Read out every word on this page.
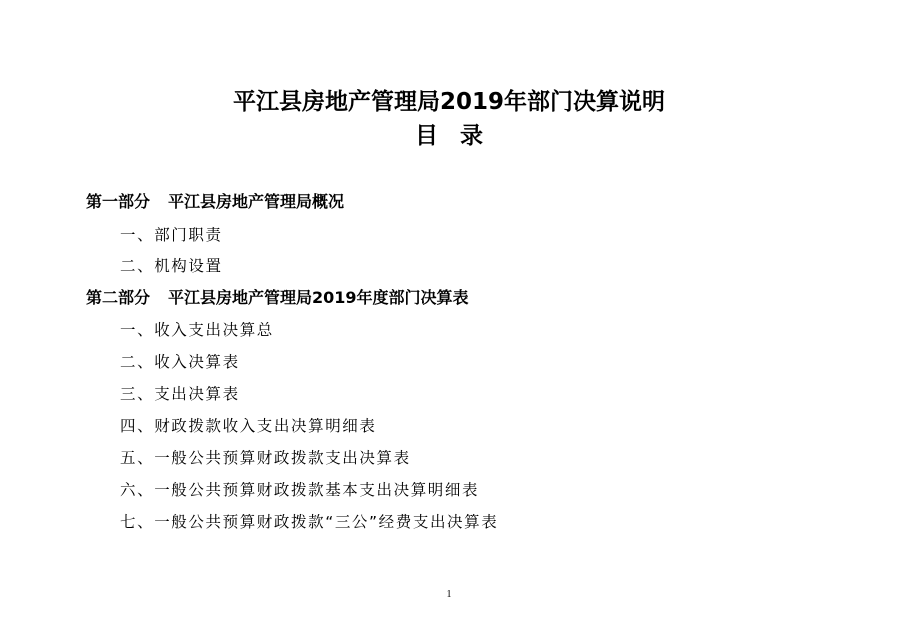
平江县房地产管理局2019年部门决算说明
目 录
第一部分 平江县房地产管理局概况
一、部门职责
二、机构设置
第二部分 平江县房地产管理局2019年度部门决算表
一、收入支出决算总
二、收入决算表
三、支出决算表
四、财政拨款收入支出决算明细表
五、一般公共预算财政拨款支出决算表
六、一般公共预算财政拨款基本支出决算明细表
七、一般公共预算财政拨款“三公”经费支出决算表
1
